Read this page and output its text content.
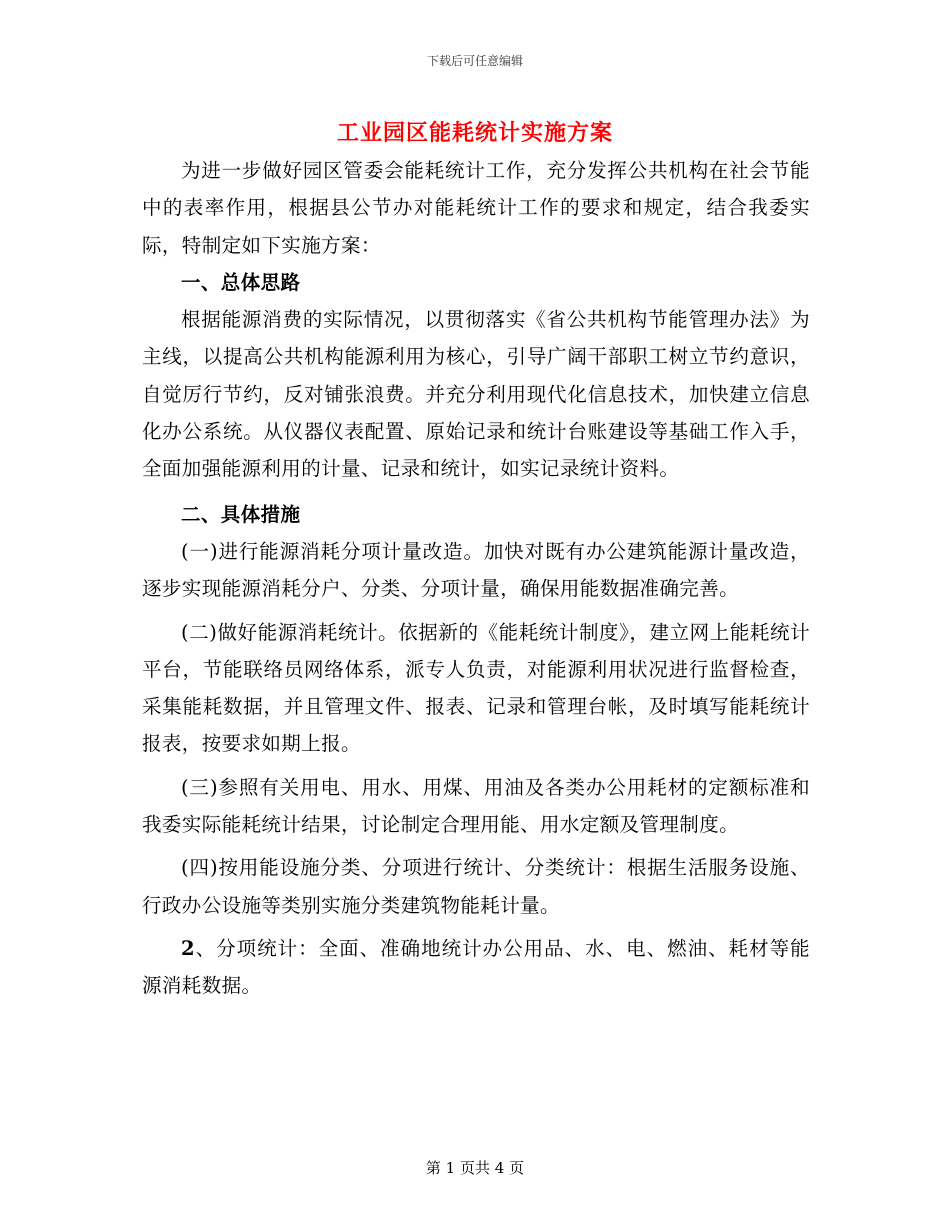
下载后可任意编辑
工业园区能耗统计实施方案

为进一步做好园区管委会能耗统计工作，充分发挥公共机构在社会节能中的表率作用，根据县公节办对能耗统计工作的要求和规定，结合我委实际，特制定如下实施方案：

一、总体思路

根据能源消费的实际情况，以贯彻落实《省公共机构节能管理办法》为主线，以提高公共机构能源利用为核心，引导广阔干部职工树立节约意识，自觉厉行节约，反对铺张浪费。并充分利用现代化信息技术，加快建立信息化办公系统。从仪器仪表配置、原始记录和统计台账建设等基础工作入手，全面加强能源利用的计量、记录和统计，如实记录统计资料。

二、具体措施

(一)进行能源消耗分项计量改造。加快对既有办公建筑能源计量改造，逐步实现能源消耗分户、分类、分项计量，确保用能数据准确完善。

(二)做好能源消耗统计。依据新的《能耗统计制度》，建立网上能耗统计平台，节能联络员网络体系，派专人负责，对能源利用状况进行监督检查，采集能耗数据，并且管理文件、报表、记录和管理台帐，及时填写能耗统计报表，按要求如期上报。

(三)参照有关用电、用水、用煤、用油及各类办公用耗材的定额标准和我委实际能耗统计结果，讨论制定合理用能、用水定额及管理制度。

(四)按用能设施分类、分项进行统计、分类统计：根据生活服务设施、行政办公设施等类别实施分类建筑物能耗计量。

2、分项统计：全面、准确地统计办公用品、水、电、燃油、耗材等能源消耗数据。

第 1 页共 4 页
